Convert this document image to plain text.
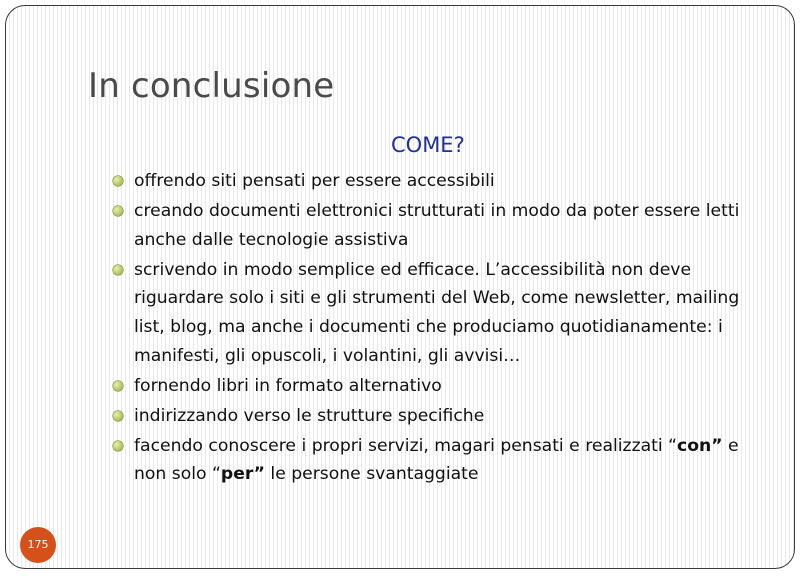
In conclusione
COME?
offrendo siti pensati per essere accessibili
creando documenti elettronici strutturati in modo da poter essere letti anche dalle tecnologie assistiva
scrivendo in modo semplice ed efficace. L’accessibilità non deve riguardare solo i siti e gli strumenti del Web, come newsletter, mailing list, blog, ma anche i documenti che produciamo quotidianamente: i manifesti, gli opuscoli, i volantini, gli avvisi…
fornendo libri in formato alternativo
indirizzando verso le strutture specifiche
facendo conoscere i propri servizi, magari pensati e realizzati “con” e non solo “per” le persone svantaggiate
175
